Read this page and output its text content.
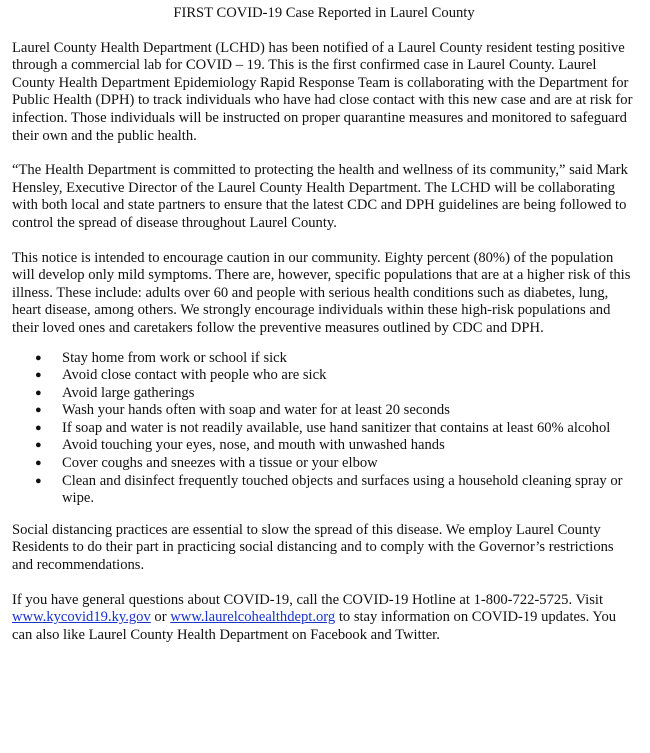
FIRST COVID-19 Case Reported in Laurel County

Laurel County Health Department (LCHD) has been notified of a Laurel County resident testing positive through a commercial lab for COVID – 19. This is the first confirmed case in Laurel County. Laurel County Health Department Epidemiology Rapid Response Team is collaborating with the Department for Public Health (DPH) to track individuals who have had close contact with this new case and are at risk for infection. Those individuals will be instructed on proper quarantine measures and monitored to safeguard their own and the public health.

“The Health Department is committed to protecting the health and wellness of its community,” said Mark Hensley, Executive Director of the Laurel County Health Department. The LCHD will be collaborating with both local and state partners to ensure that the latest CDC and DPH guidelines are being followed to control the spread of disease throughout Laurel County.

This notice is intended to encourage caution in our community. Eighty percent (80%) of the population will develop only mild symptoms. There are, however, specific populations that are at a higher risk of this illness. These include: adults over 60 and people with serious health conditions such as diabetes, lung, heart disease, among others. We strongly encourage individuals within these high-risk populations and their loved ones and caretakers follow the preventive measures outlined by CDC and DPH.

● Stay home from work or school if sick
● Avoid close contact with people who are sick
● Avoid large gatherings
● Wash your hands often with soap and water for at least 20 seconds
● If soap and water is not readily available, use hand sanitizer that contains at least 60% alcohol
● Avoid touching your eyes, nose, and mouth with unwashed hands
● Cover coughs and sneezes with a tissue or your elbow
● Clean and disinfect frequently touched objects and surfaces using a household cleaning spray or wipe.

Social distancing practices are essential to slow the spread of this disease. We employ Laurel County Residents to do their part in practicing social distancing and to comply with the Governor’s restrictions and recommendations.

If you have general questions about COVID-19, call the COVID-19 Hotline at 1-800-722-5725. Visit www.kycovid19.ky.gov or www.laurelcohealthdept.org to stay information on COVID-19 updates. You can also like Laurel County Health Department on Facebook and Twitter.
